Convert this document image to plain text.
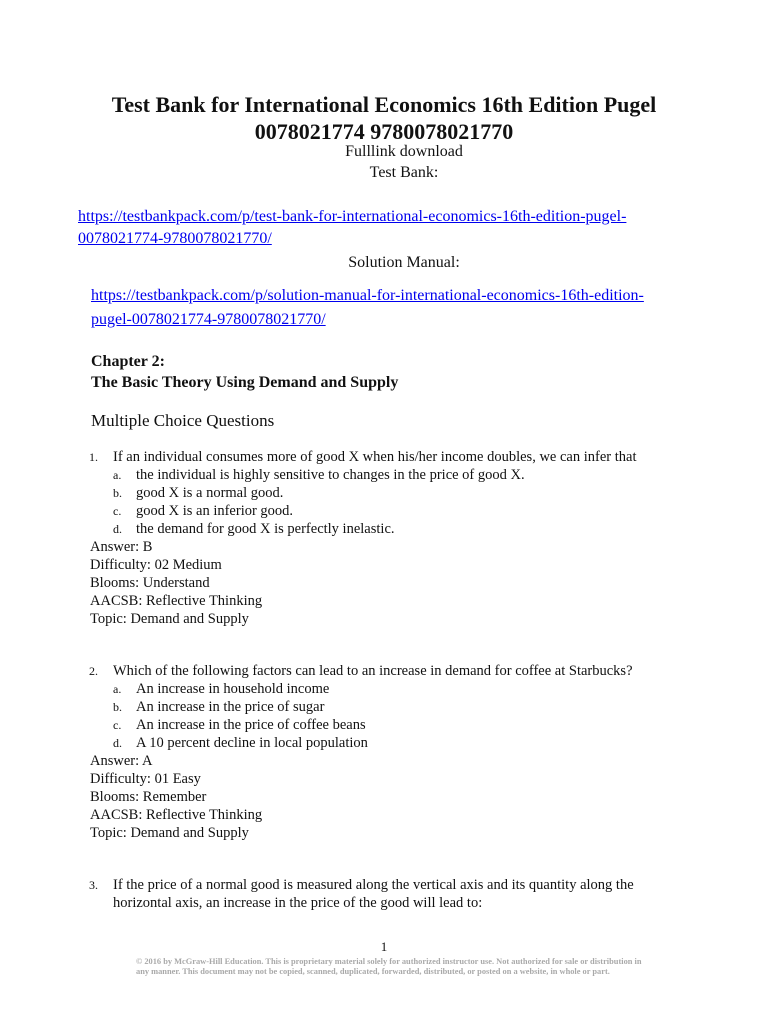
Test Bank for International Economics 16th Edition Pugel
0078021774 9780078021770
Fulllink download
Test Bank:
https://testbankpack.com/p/test-bank-for-international-economics-16th-edition-pugel-
0078021774-9780078021770/
Solution Manual:
https://testbankpack.com/p/solution-manual-for-international-economics-16th-edition-
pugel-0078021774-9780078021770/
Chapter 2:
The Basic Theory Using Demand and Supply
Multiple Choice Questions
1. If an individual consumes more of good X when his/her income doubles, we can infer that
a. the individual is highly sensitive to changes in the price of good X.
b. good X is a normal good.
c. good X is an inferior good.
d. the demand for good X is perfectly inelastic.
Answer: B
Difficulty: 02 Medium
Blooms: Understand
AACSB: Reflective Thinking
Topic: Demand and Supply
2. Which of the following factors can lead to an increase in demand for coffee at Starbucks?
a. An increase in household income
b. An increase in the price of sugar
c. An increase in the price of coffee beans
d. A 10 percent decline in local population
Answer: A
Difficulty: 01 Easy
Blooms: Remember
AACSB: Reflective Thinking
Topic: Demand and Supply
3. If the price of a normal good is measured along the vertical axis and its quantity along the
horizontal axis, an increase in the price of the good will lead to:
1
© 2016 by McGraw-Hill Education. This is proprietary material solely for authorized instructor use. Not authorized for sale or distribution in
any manner. This document may not be copied, scanned, duplicated, forwarded, distributed, or posted on a website, in whole or part.
